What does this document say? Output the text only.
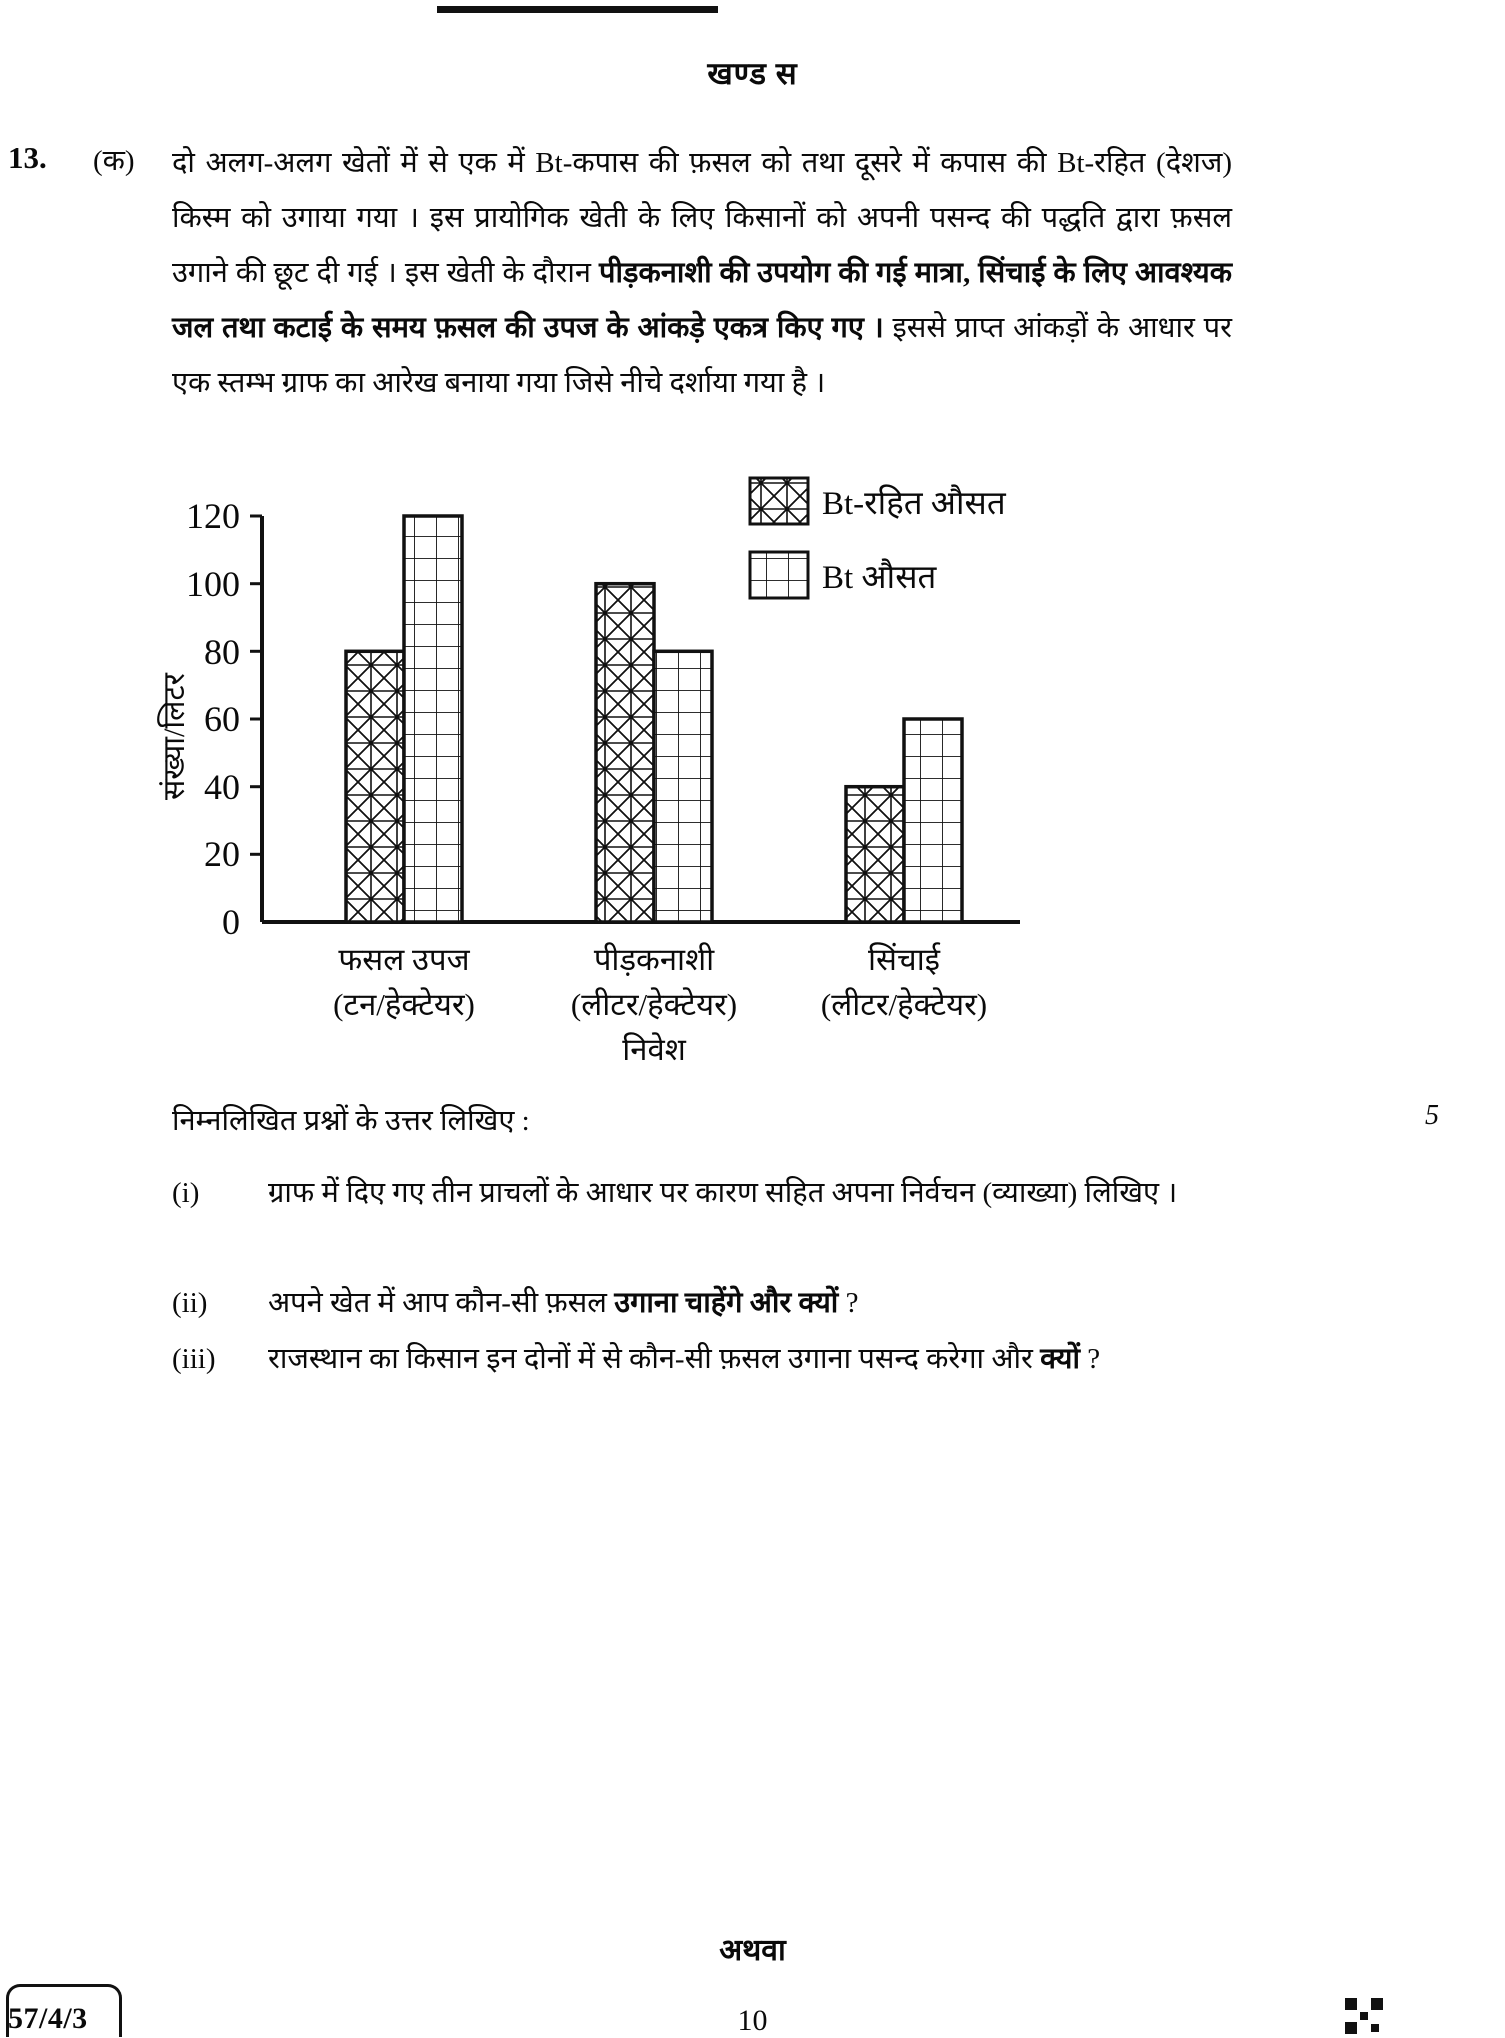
खण्ड स
13. (क) दो अलग-अलग खेतों में से एक में Bt-कपास की फ़सल को तथा दूसरे में कपास की Bt-रहित (देशज) किस्म को उगाया गया । इस प्रायोगिक खेती के लिए किसानों को अपनी पसन्द की पद्धति द्वारा फ़सल उगाने की छूट दी गई । इस खेती के दौरान पीड़कनाशी की उपयोग की गई मात्रा, सिंचाई के लिए आवश्यक जल तथा कटाई के समय फ़सल की उपज के आंकड़े एकत्र किए गए । इससे प्राप्त आंकड़ों के आधार पर एक स्तम्भ ग्राफ का आरेख बनाया गया जिसे नीचे दर्शाया गया है ।
Bt-रहित औसत
Bt औसत
120
100
80
60
40
20
0
संख्या/लिटर
फसल उपज
(टन/हेक्टेयर)
पीड़कनाशी
(लीटर/हेक्टेयर)
सिंचाई
(लीटर/हेक्टेयर)
निवेश
निम्नलिखित प्रश्नों के उत्तर लिखिए :	5
(i)	ग्राफ में दिए गए तीन प्राचलों के आधार पर कारण सहित अपना निर्वचन (व्याख्या) लिखिए ।
(ii)	अपने खेत में आप कौन-सी फ़सल उगाना चाहेंगे और क्यों ?
(iii)	राजस्थान का किसान इन दोनों में से कौन-सी फ़सल उगाना पसन्द करेगा और क्यों ?
अथवा
57/4/3	10
